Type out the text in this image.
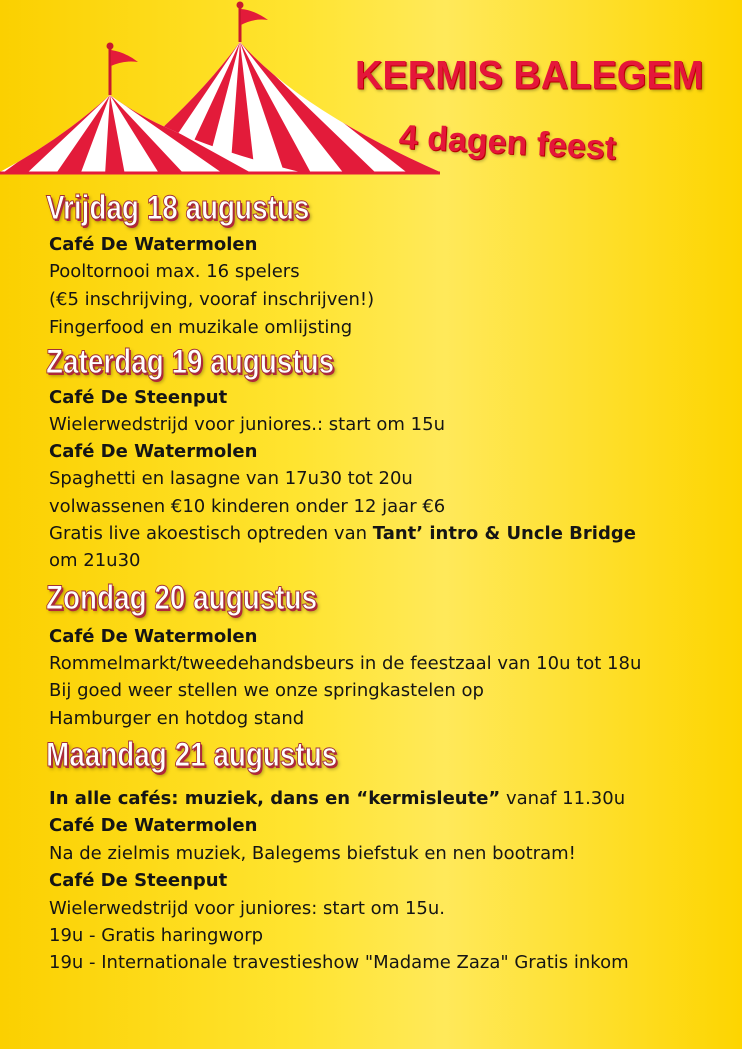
KERMIS BALEGEM
4 dagen feest
Vrijdag 18 augustus
Café De Watermolen
Pooltornooi max. 16 spelers
(€5 inschrijving, vooraf inschrijven!)
Fingerfood en muzikale omlijsting
Zaterdag 19 augustus
Café De Steenput
Wielerwedstrijd voor juniores.: start om 15u
Café De Watermolen
Spaghetti en lasagne van 17u30 tot 20u
volwassenen €10 kinderen onder 12 jaar €6
Gratis live akoestisch optreden van Tant’ intro & Uncle Bridge
om 21u30
Zondag 20 augustus
Café De Watermolen
Rommelmarkt/tweedehandsbeurs in de feestzaal van 10u tot 18u
Bij goed weer stellen we onze springkastelen op
Hamburger en hotdog stand
Maandag 21 augustus
In alle cafés: muziek, dans en “kermisleute” vanaf 11.30u
Café De Watermolen
Na de zielmis muziek, Balegems biefstuk en nen bootram!
Café De Steenput
Wielerwedstrijd voor juniores: start om 15u.
19u - Gratis haringworp
19u - Internationale travestieshow "Madame Zaza" Gratis inkom
